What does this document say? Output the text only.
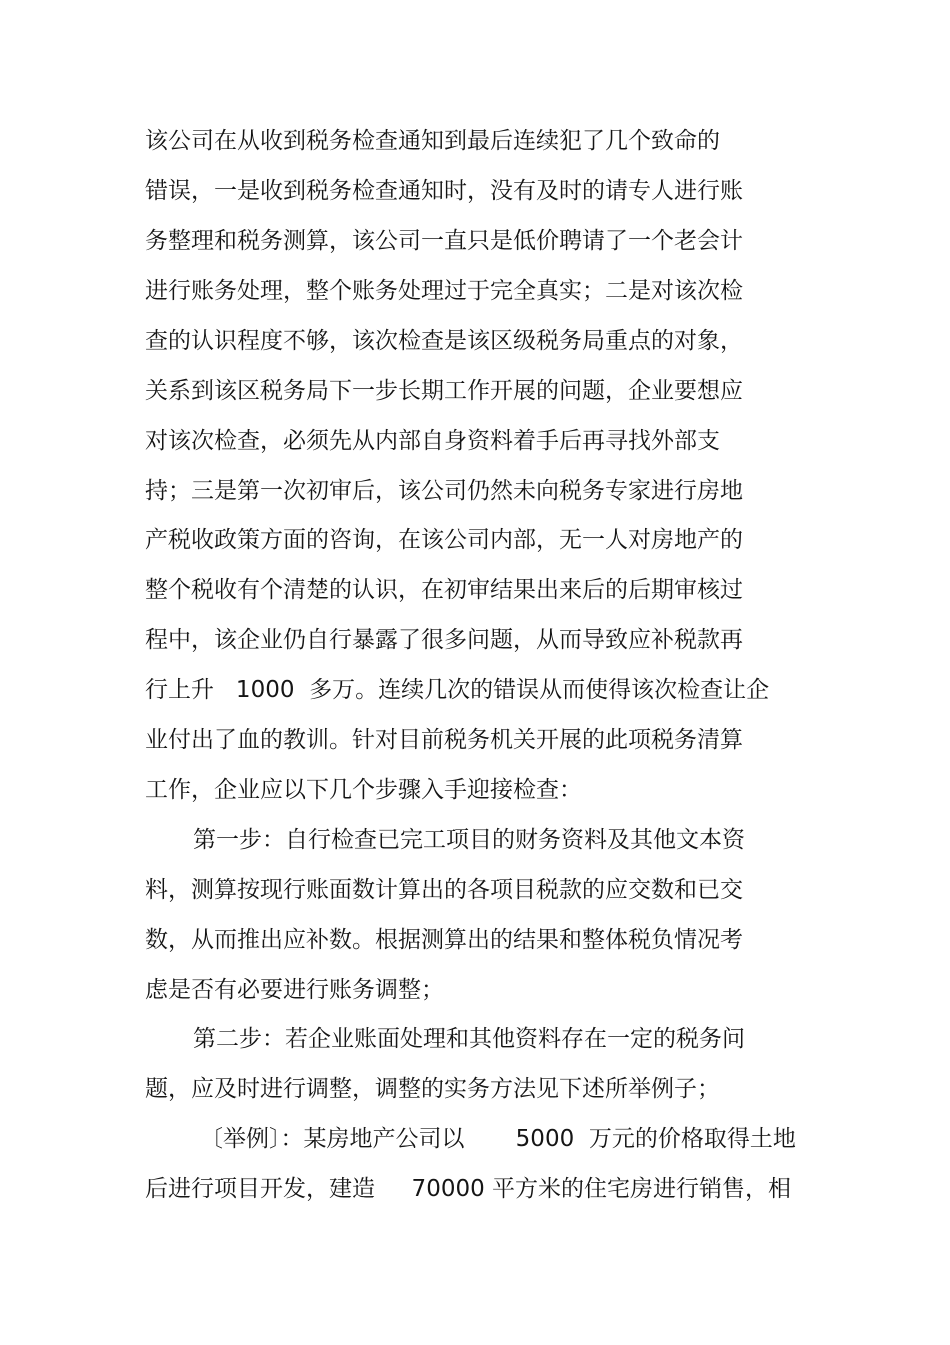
该公司在从收到税务检查通知到最后连续犯了几个致命的
错误，一是收到税务检查通知时，没有及时的请专人进行账
务整理和税务测算，该公司一直只是低价聘请了一个老会计
进行账务处理，整个账务处理过于完全真实；二是对该次检
查的认识程度不够，该次检查是该区级税务局重点的对象，
关系到该区税务局下一步长期工作开展的问题，企业要想应
对该次检查，必须先从内部自身资料着手后再寻找外部支
持；三是第一次初审后，该公司仍然未向税务专家进行房地
产税收政策方面的咨询，在该公司内部，无一人对房地产的
整个税收有个清楚的认识，在初审结果出来后的后期审核过
程中，该企业仍自行暴露了很多问题，从而导致应补税款再
行上升   1000  多万。连续几次的错误从而使得该次检查让企
业付出了血的教训。针对目前税务机关开展的此项税务清算
工作，企业应以下几个步骤入手迎接检查：
第一步：自行检查已完工项目的财务资料及其他文本资
料，测算按现行账面数计算出的各项目税款的应交数和已交
数，从而推出应补数。根据测算出的结果和整体税负情况考
虑是否有必要进行账务调整；
第二步：若企业账面处理和其他资料存在一定的税务问
题，应及时进行调整，调整的实务方法见下述所举例子；
〔举例〕：某房地产公司以       5000  万元的价格取得土地
后进行项目开发，建造     70000 平方米的住宅房进行销售，相
